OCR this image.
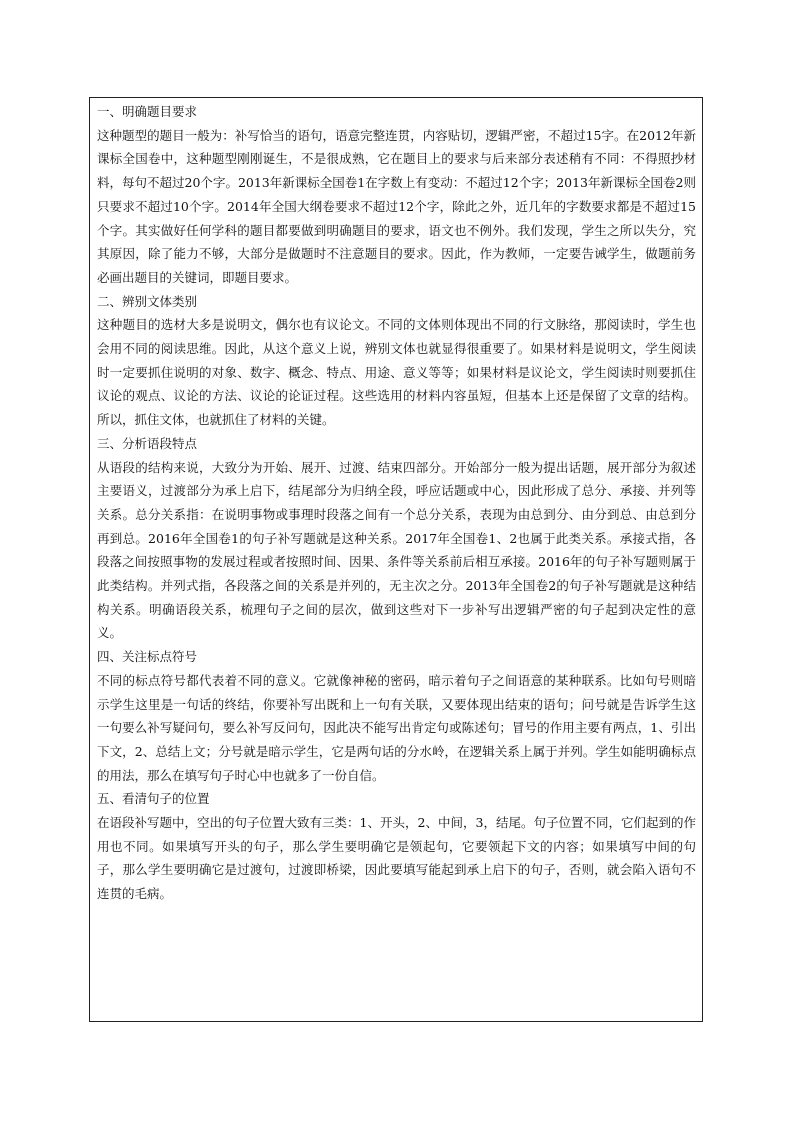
一、明确题目要求

这种题型的题目一般为：补写恰当的语句，语意完整连贯，内容贴切，逻辑严密，不超过15字。在2012年新课标全国卷中，这种题型刚刚诞生，不是很成熟，它在题目上的要求与后来部分表述稍有不同：不得照抄材料，每句不超过20个字。2013年新课标全国卷1在字数上有变动：不超过12个字；2013年新课标全国卷2则只要求不超过10个字。2014年全国大纲卷要求不超过12个字，除此之外，近几年的字数要求都是不超过15个字。其实做好任何学科的题目都要做到明确题目的要求，语文也不例外。我们发现，学生之所以失分，究其原因，除了能力不够，大部分是做题时不注意题目的要求。因此，作为教师，一定要告诫学生，做题前务必画出题目的关键词，即题目要求。

二、辨别文体类别

这种题目的选材大多是说明文，偶尔也有议论文。不同的文体则体现出不同的行文脉络，那阅读时，学生也会用不同的阅读思维。因此，从这个意义上说，辨别文体也就显得很重要了。如果材料是说明文，学生阅读时一定要抓住说明的对象、数字、概念、特点、用途、意义等等；如果材料是议论文，学生阅读时则要抓住议论的观点、议论的方法、议论的论证过程。这些选用的材料内容虽短，但基本上还是保留了文章的结构。所以，抓住文体，也就抓住了材料的关键。

三、分析语段特点

从语段的结构来说，大致分为开始、展开、过渡、结束四部分。开始部分一般为提出话题，展开部分为叙述主要语义，过渡部分为承上启下，结尾部分为归纳全段，呼应话题或中心，因此形成了总分、承接、并列等关系。总分关系指：在说明事物或事理时段落之间有一个总分关系，表现为由总到分、由分到总、由总到分再到总。2016年全国卷1的句子补写题就是这种关系。2017年全国卷1、2也属于此类关系。承接式指，各段落之间按照事物的发展过程或者按照时间、因果、条件等关系前后相互承接。2016年的句子补写题则属于此类结构。并列式指，各段落之间的关系是并列的，无主次之分。2013年全国卷2的句子补写题就是这种结构关系。明确语段关系，梳理句子之间的层次，做到这些对下一步补写出逻辑严密的句子起到决定性的意义。

四、关注标点符号

不同的标点符号都代表着不同的意义。它就像神秘的密码，暗示着句子之间语意的某种联系。比如句号则暗示学生这里是一句话的终结，你要补写出既和上一句有关联，又要体现出结束的语句；问号就是告诉学生这一句要么补写疑问句，要么补写反问句，因此决不能写出肯定句或陈述句；冒号的作用主要有两点，1、引出下文，2、总结上文；分号就是暗示学生，它是两句话的分水岭，在逻辑关系上属于并列。学生如能明确标点的用法，那么在填写句子时心中也就多了一份自信。

五、看清句子的位置

在语段补写题中，空出的句子位置大致有三类：1、开头，2、中间，3，结尾。句子位置不同，它们起到的作用也不同。如果填写开头的句子，那么学生要明确它是领起句，它要领起下文的内容；如果填写中间的句子，那么学生要明确它是过渡句，过渡即桥梁，因此要填写能起到承上启下的句子，否则，就会陷入语句不连贯的毛病。
